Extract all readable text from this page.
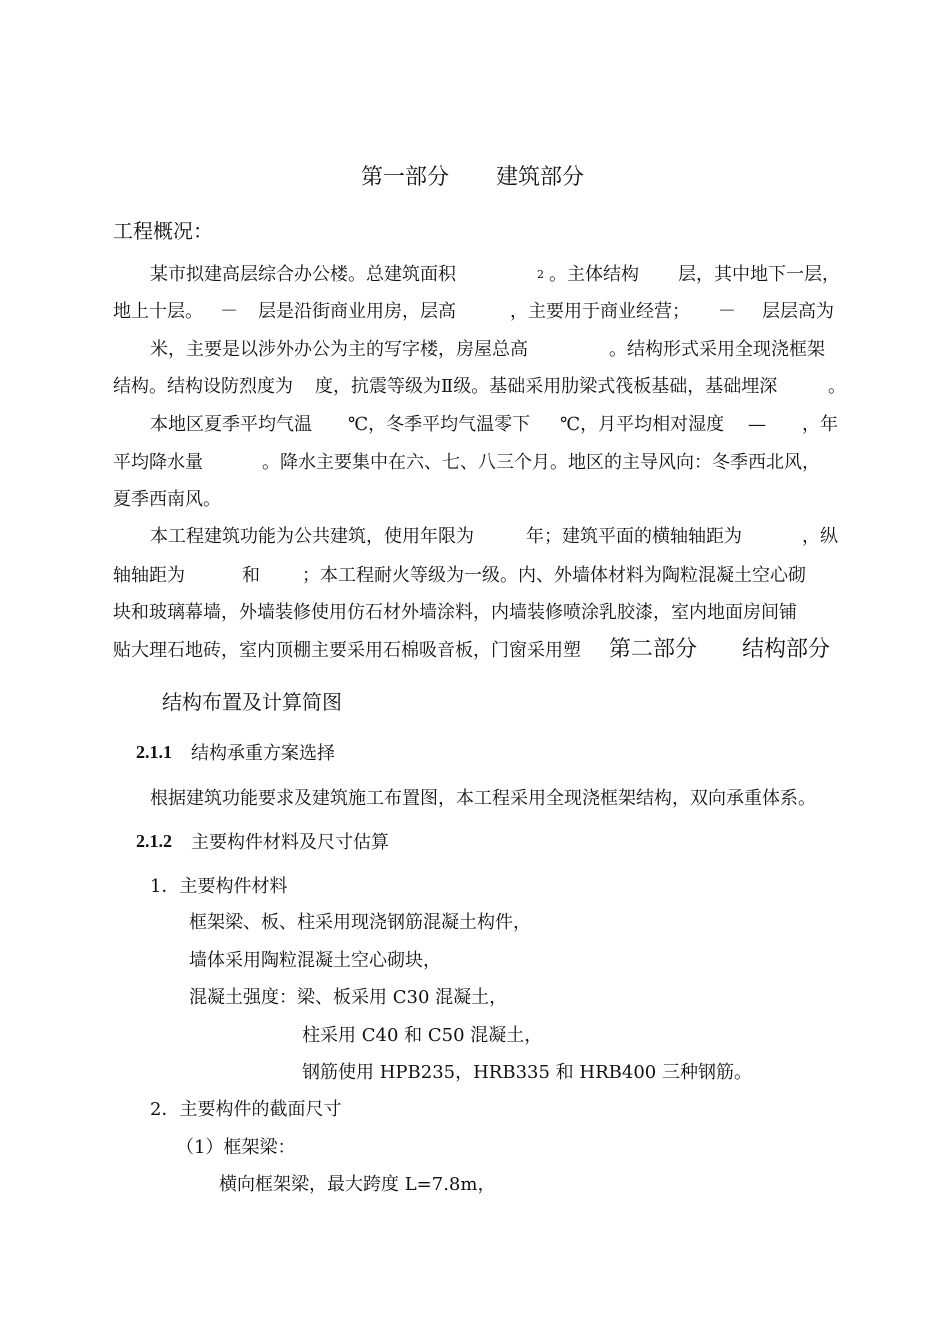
第一部分 建筑部分
工程概况：
某市拟建高层综合办公楼。总建筑面积	$^2$ 。主体结构 层，其中地下一层，
地上十层。 － 层是沿街商业用房，层高	，主要用于商业经营； － 层层高为
米，主要是以涉外办公为主的写字楼，房屋总高	。结构形式采用全现浇框架
结构。结构设防烈度为 度，抗震等级为Ⅱ级。基础采用肋梁式筏板基础，基础埋深	。
本地区夏季平均气温 ℃，冬季平均气温零下 ℃，月平均相对湿度 — ，年
平均降水量	。降水主要集中在六、七、八三个月。地区的主导风向：冬季西北风，
夏季西南风。
本工程建筑功能为公共建筑，使用年限为	年；建筑平面的横轴轴距为	，纵
轴轴距为	和 ；本工程耐火等级为一级。内、外墙体材料为陶粒混凝土空心砌
块和玻璃幕墙，外墙装修使用仿石材外墙涂料，内墙装修喷涂乳胶漆，室内地面房间铺
贴大理石地砖，室内顶棚主要采用石棉吸音板，门窗采用塑 第二部分 结构部分
结构布置及计算简图
2.1.1 结构承重方案选择
根据建筑功能要求及建筑施工布置图，本工程采用全现浇框架结构，双向承重体系。
2.1.2 主要构件材料及尺寸估算
1．主要构件材料
框架梁、板、柱采用现浇钢筋混凝土构件，
墙体采用陶粒混凝土空心砌块，
混凝土强度：梁、板采用 C30 混凝土，
柱采用 C40 和 C50 混凝土，
钢筋使用 HPB235，HRB335 和 HRB400 三种钢筋。
2．主要构件的截面尺寸
（1）框架梁：
横向框架梁，最大跨度 L=7.8m，
